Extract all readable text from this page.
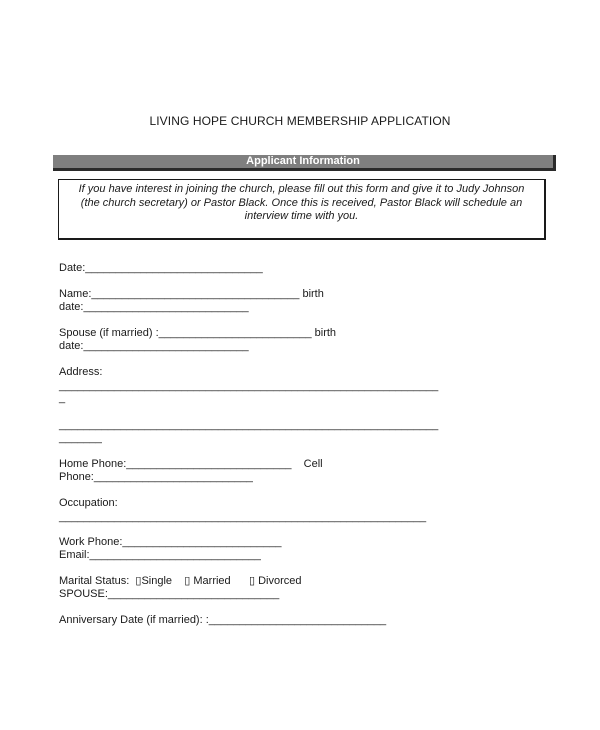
LIVING HOPE CHURCH MEMBERSHIP APPLICATION
Applicant Information
If you have interest in joining the church, please fill out this form and give it to Judy Johnson (the church secretary) or Pastor Black. Once this is received, Pastor Black will schedule an interview time with you.
Date:_____________________________
Name:__________________________________ birth
date:___________________________
Spouse (if married) :_________________________ birth
date:___________________________
Address:
______________________________________________________________
_
______________________________________________________________
_______
Home Phone:___________________________    Cell
Phone:__________________________
Occupation:
____________________________________________________________
Work Phone:__________________________
Email:____________________________
Marital Status:  ▯Single    ▯ Married      ▯ Divorced
SPOUSE:____________________________
Anniversary Date (if married): :_____________________________
